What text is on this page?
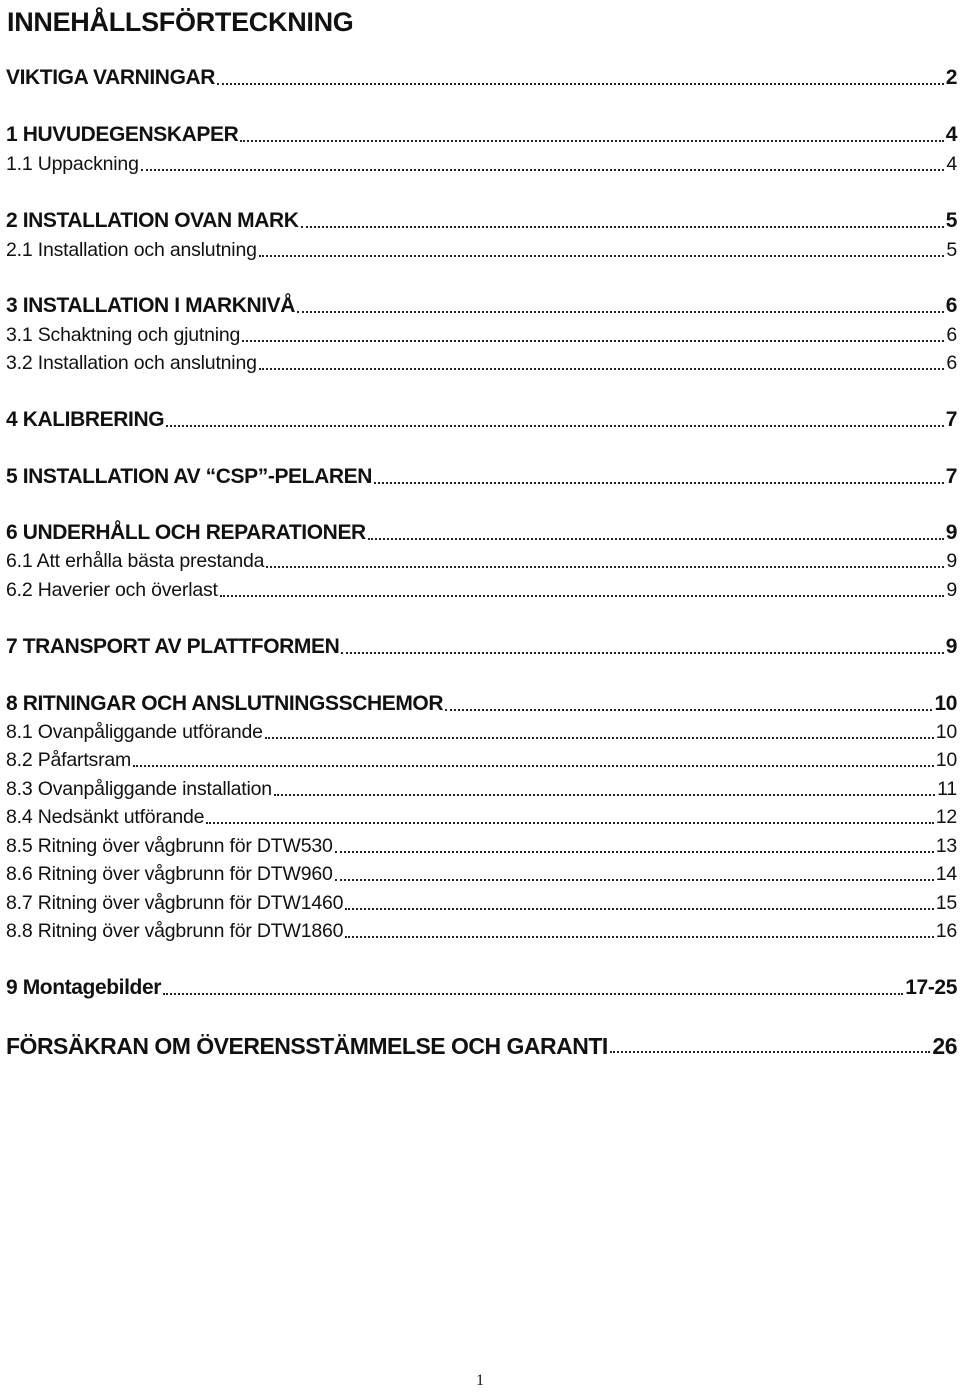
INNEHÅLLSFÖRTECKNING
VIKTIGA VARNINGAR	2
1 HUVUDEGENSKAPER	4
1.1 Uppackning	4
2 INSTALLATION OVAN MARK	5
2.1 Installation och anslutning	5
3 INSTALLATION I MARKNIVÅ	6
3.1 Schaktning och gjutning	6
3.2 Installation och anslutning	6
4 KALIBRERING	7
5 INSTALLATION AV “CSP”-PELAREN	7
6 UNDERHÅLL OCH REPARATIONER	9
6.1 Att erhålla bästa prestanda	9
6.2 Haverier och överlast	9
7 TRANSPORT AV PLATTFORMEN	9
8 RITNINGAR OCH ANSLUTNINGSSCHEMOR	10
8.1 Ovanpåliggande utförande	10
8.2 Påfartsram	10
8.3 Ovanpåliggande installation	11
8.4 Nedsänkt utförande	12
8.5 Ritning över vågbrunn för DTW530	13
8.6 Ritning över vågbrunn för DTW960	14
8.7 Ritning över vågbrunn för DTW1460	15
8.8 Ritning över vågbrunn för DTW1860	16
9 Montagebilder	17-25
FÖRSÄKRAN OM ÖVERENSSTÄMMELSE OCH GARANTI	26
1
